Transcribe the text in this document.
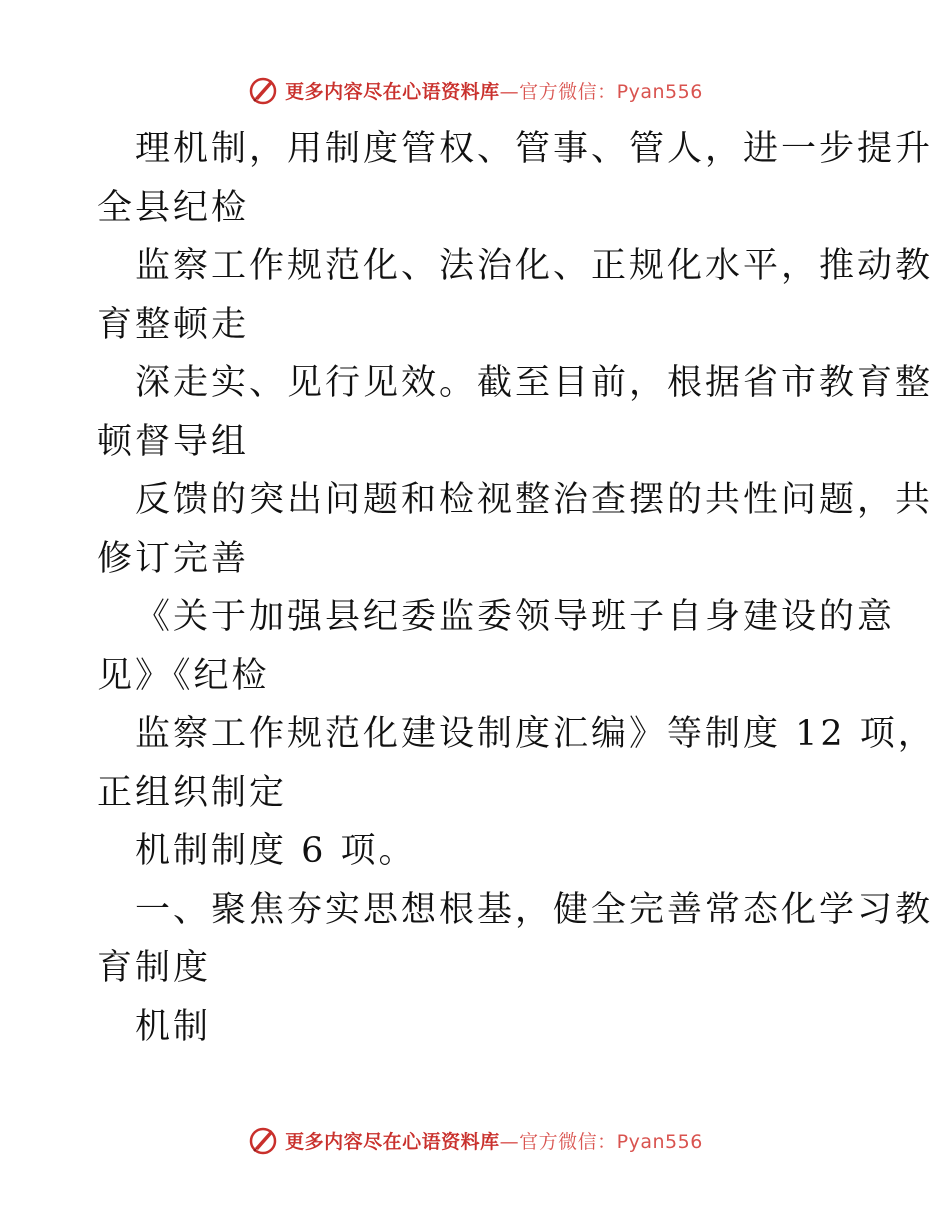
更多内容尽在心语资料库—官方微信：Pyan556
理机制，用制度管权、管事、管人，进一步提升
全县纪检
监察工作规范化、法治化、正规化水平，推动教
育整顿走
深走实、见行见效。截至目前，根据省市教育整
顿督导组
反馈的突出问题和检视整治查摆的共性问题，共
修订完善
《关于加强县纪委监委领导班子自身建设的意
见》《纪检
监察工作规范化建设制度汇编》等制度 12 项，
正组织制定
机制制度 6 项。
一、聚焦夯实思想根基，健全完善常态化学习教
育制度
机制
更多内容尽在心语资料库—官方微信：Pyan556
